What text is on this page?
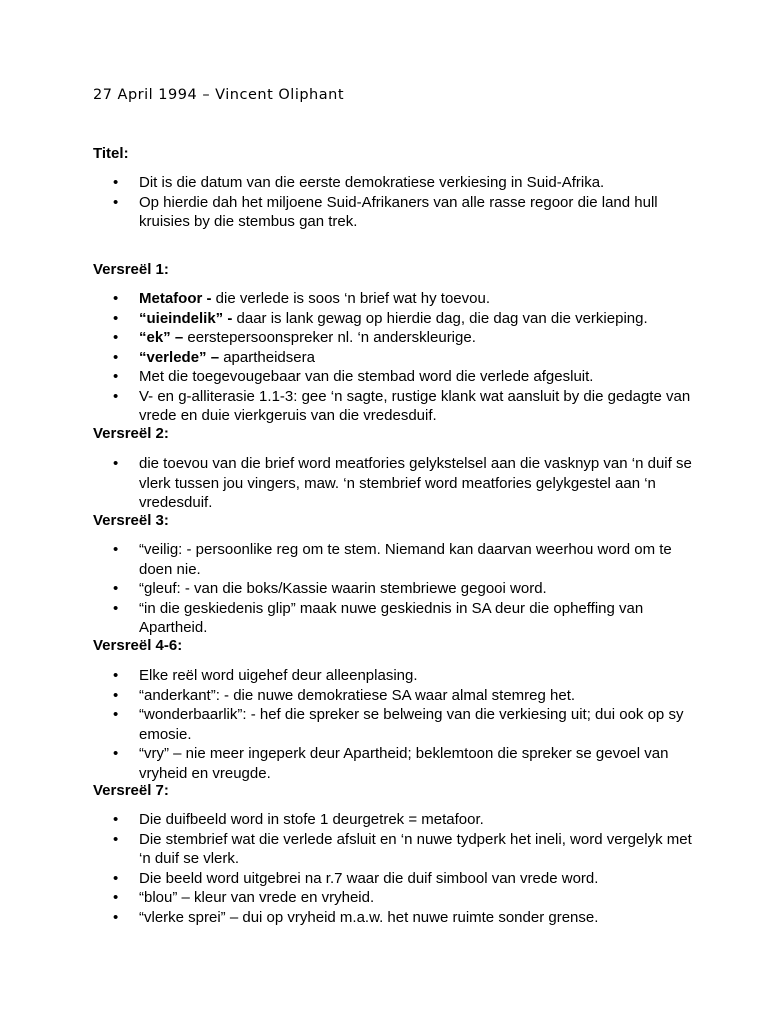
27 April 1994 – Vincent Oliphant
Titel:
• Dit is die datum van die eerste demokratiese verkiesing in Suid-Afrika.
• Op hierdie dah het miljoene Suid-Afrikaners van alle rasse regoor die land hull kruisies by die stembus gan trek.
Versreël 1:
• Metafoor - die verlede is soos ‘n brief wat hy toevou.
• “uieindelik” - daar is lank gewag op hierdie dag, die dag van die verkieping.
• “ek” – eerstepersoonspreker nl. ‘n anderskleurige.
• “verlede” – apartheidsera
• Met die toegevougebaar van die stembad word die verlede afgesluit.
• V- en g-alliterasie 1.1-3: gee ‘n sagte, rustige klank wat aansluit by die gedagte van vrede en duie vierkgeruis van die vredesduif.
Versreël 2:
• die toevou van die brief word meatfories gelykstelsel aan die vasknyp van ‘n duif se vlerk tussen jou vingers, maw. ‘n stembrief word meatfories gelykgestel aan ‘n vredesduif.
Versreël 3:
• “veilig: - persoonlike reg om te stem. Niemand kan daarvan weerhou word om te doen nie.
• “gleuf: - van die boks/Kassie waarin stembriewe gegooi word.
• “in die geskiedenis glip” maak nuwe geskiednis in SA deur die opheffing van Apartheid.
Versreël 4-6:
• Elke reël word uigehef deur alleenplasing.
• “anderkant”: - die nuwe demokratiese SA waar almal stemreg het.
• “wonderbaarlik”: - hef die spreker se belweing van die verkiesing uit; dui ook op sy emosie.
• “vry” – nie meer ingeperk deur Apartheid; beklemtoon die spreker se gevoel van vryheid en vreugde.
Versreël 7:
• Die duifbeeld word in stofe 1 deurgetrek = metafoor.
• Die stembrief wat die verlede afsluit en ‘n nuwe tydperk het ineli, word vergelyk met ‘n duif se vlerk.
• Die beeld word uitgebrei na r.7 waar die duif simbool van vrede word.
• “blou” – kleur van vrede en vryheid.
• “vlerke sprei” – dui op vryheid m.a.w. het nuwe ruimte sonder grense.
